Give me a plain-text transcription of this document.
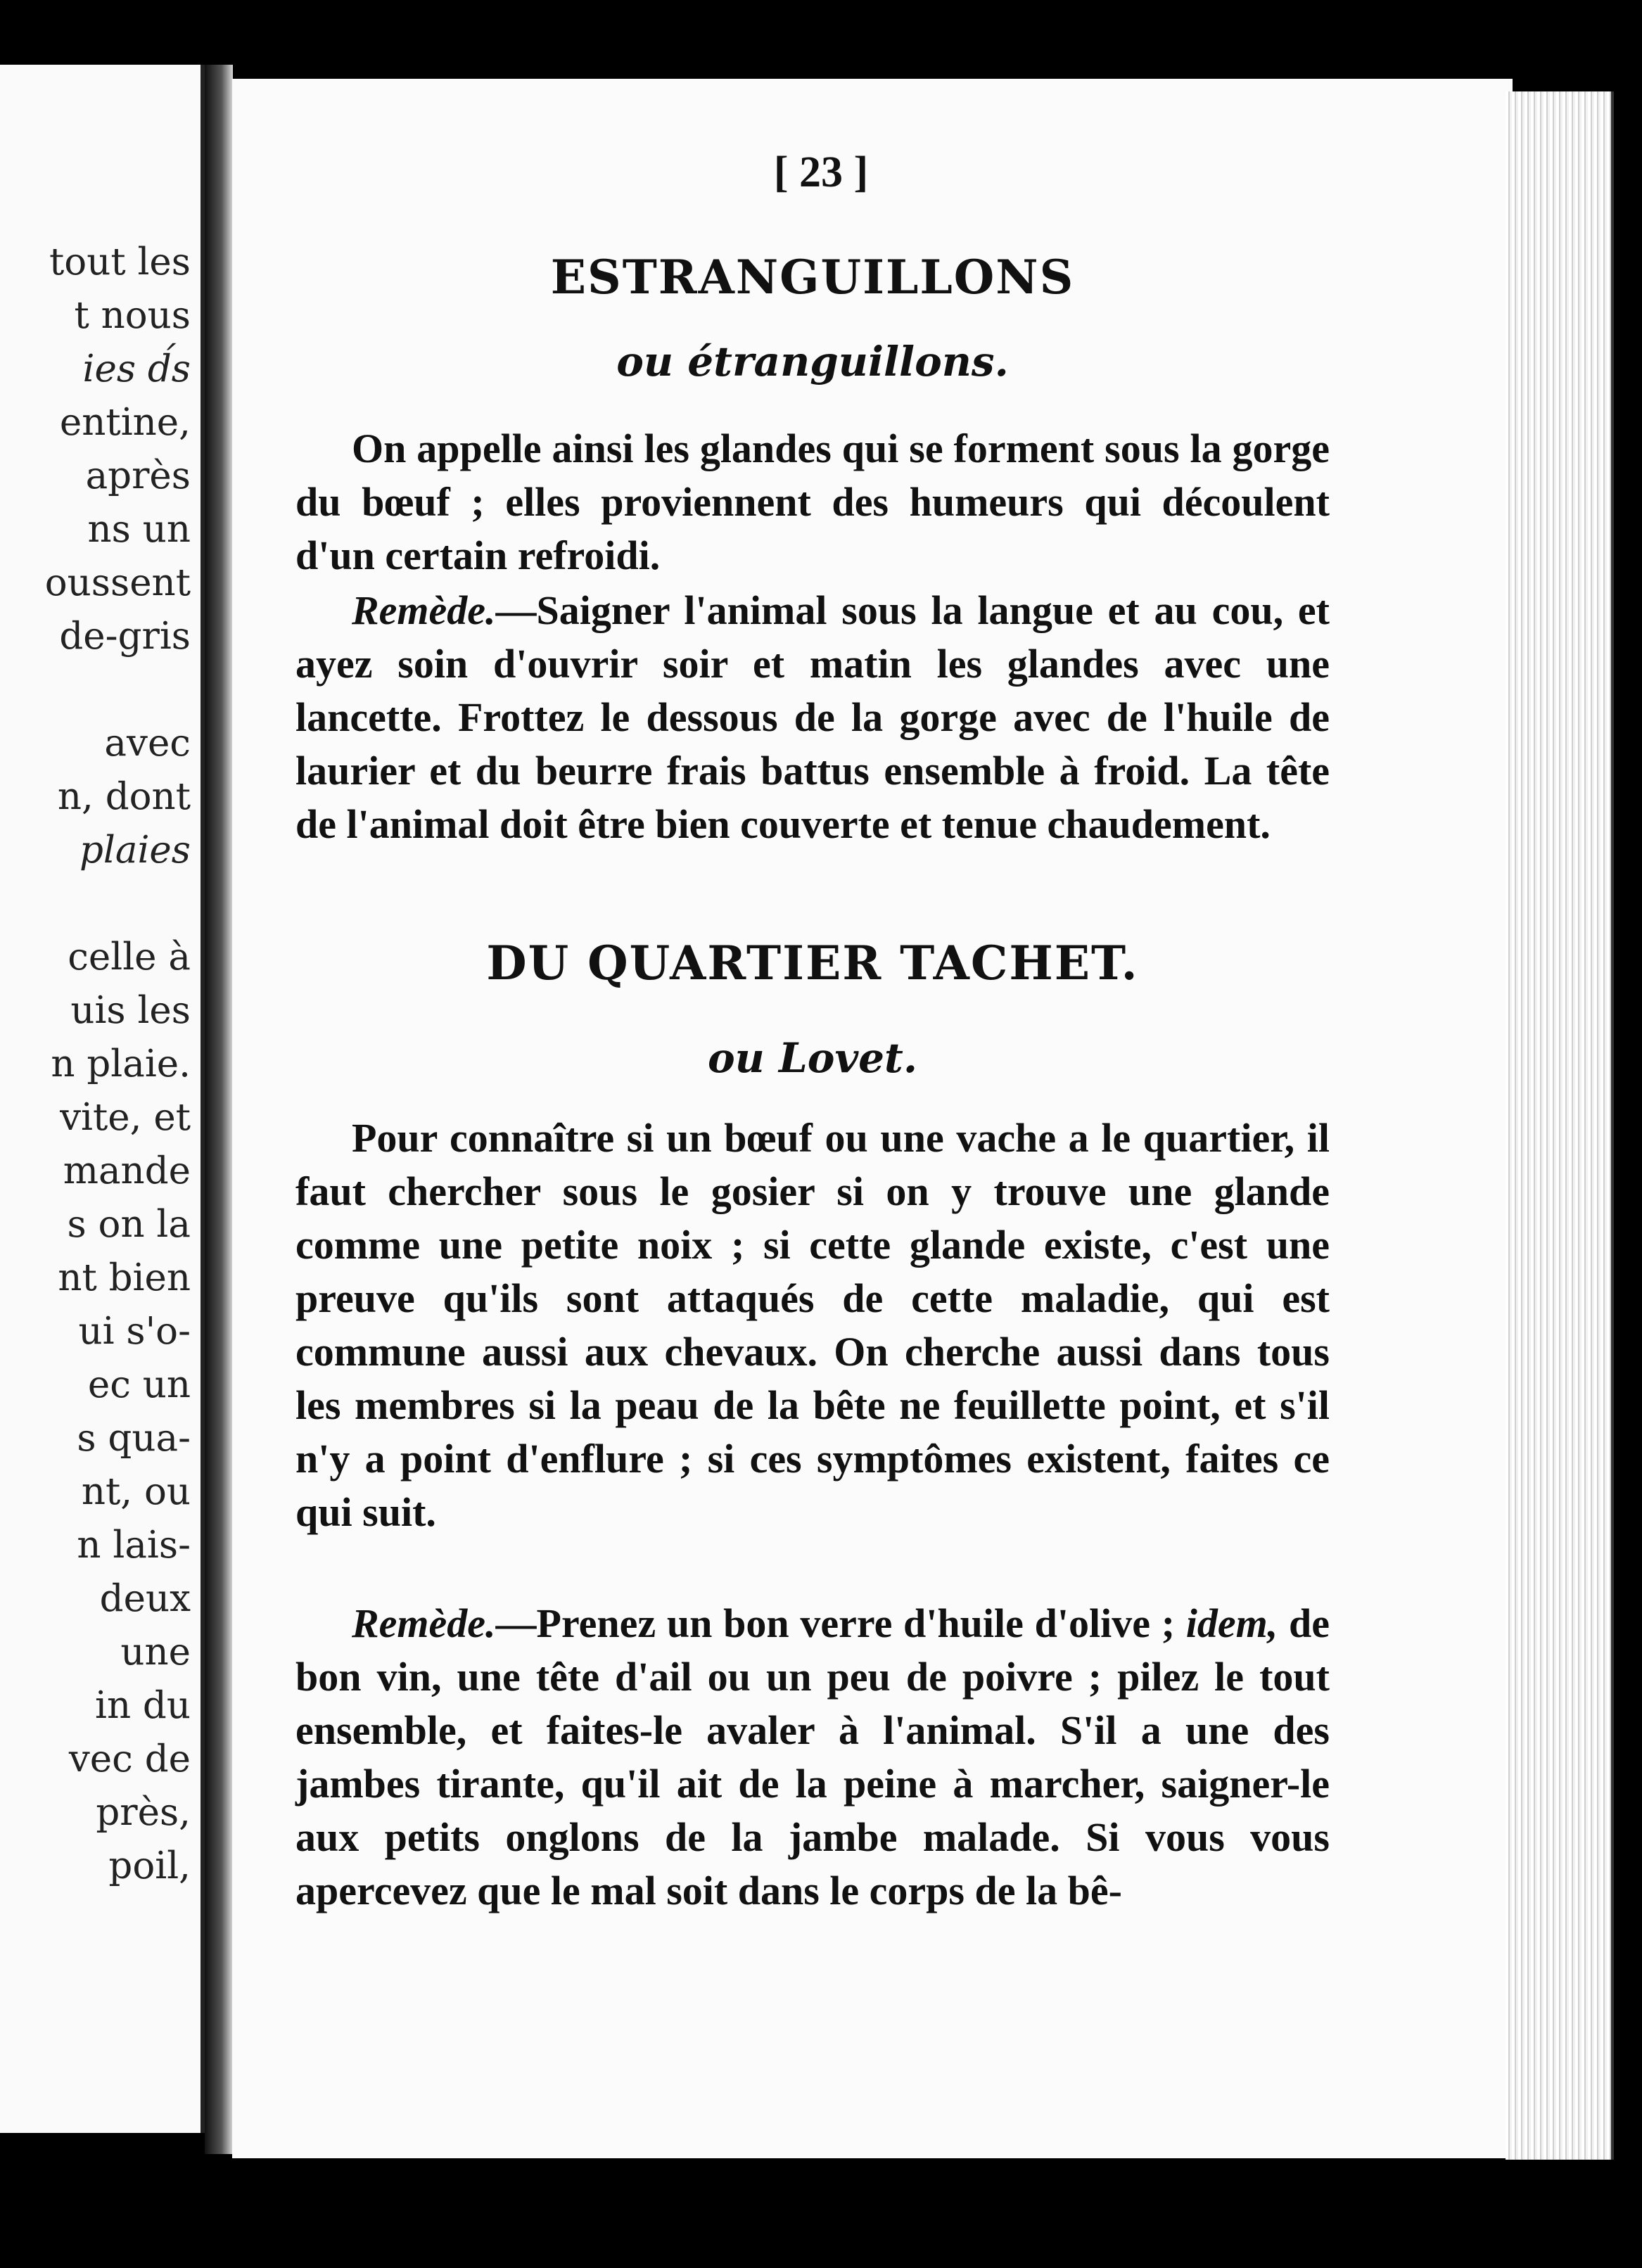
tout les
t nous
ies d́s
entine,
après
ns un
oussent
de-gris
avec
n, dont
plaies
celle à
uis les
n plaie.
vite, et
mande
s on la
nt bien
ui s'o-
ec un
s qua-
nt, ou
n lais-
deux
une
in du
vec de
près,
poil,
[ 23 ]
ESTRANGUILLONS
ou étranguillons.
On appelle ainsi les glandes qui se forment sous la gorge du bœuf ; elles proviennent des humeurs qui découlent d'un certain refroidi.
Remède.—Saigner l'animal sous la langue et au cou, et ayez soin d'ouvrir soir et matin les glandes avec une lancette. Frottez le dessous de la gorge avec de l'huile de laurier et du beurre frais battus ensemble à froid. La tête de l'animal doit être bien couverte et tenue chaudement.
DU QUARTIER TACHET.
ou Lovet.
Pour connaître si un bœuf ou une vache a le quartier, il faut chercher sous le gosier si on y trouve une glande comme une petite noix ; si cette glande existe, c'est une preuve qu'ils sont attaqués de cette maladie, qui est commune aussi aux chevaux. On cherche aussi dans tous les membres si la peau de la bête ne feuillette point, et s'il n'y a point d'enflure ; si ces symptômes existent, faites ce qui suit.
Remède.—Prenez un bon verre d'huile d'olive ; idem, de bon vin, une tête d'ail ou un peu de poivre ; pilez le tout ensemble, et faites-le avaler à l'animal. S'il a une des jambes tirante, qu'il ait de la peine à marcher, saigner-le aux petits onglons de la jambe malade. Si vous vous apercevez que le mal soit dans le corps de la bê-
